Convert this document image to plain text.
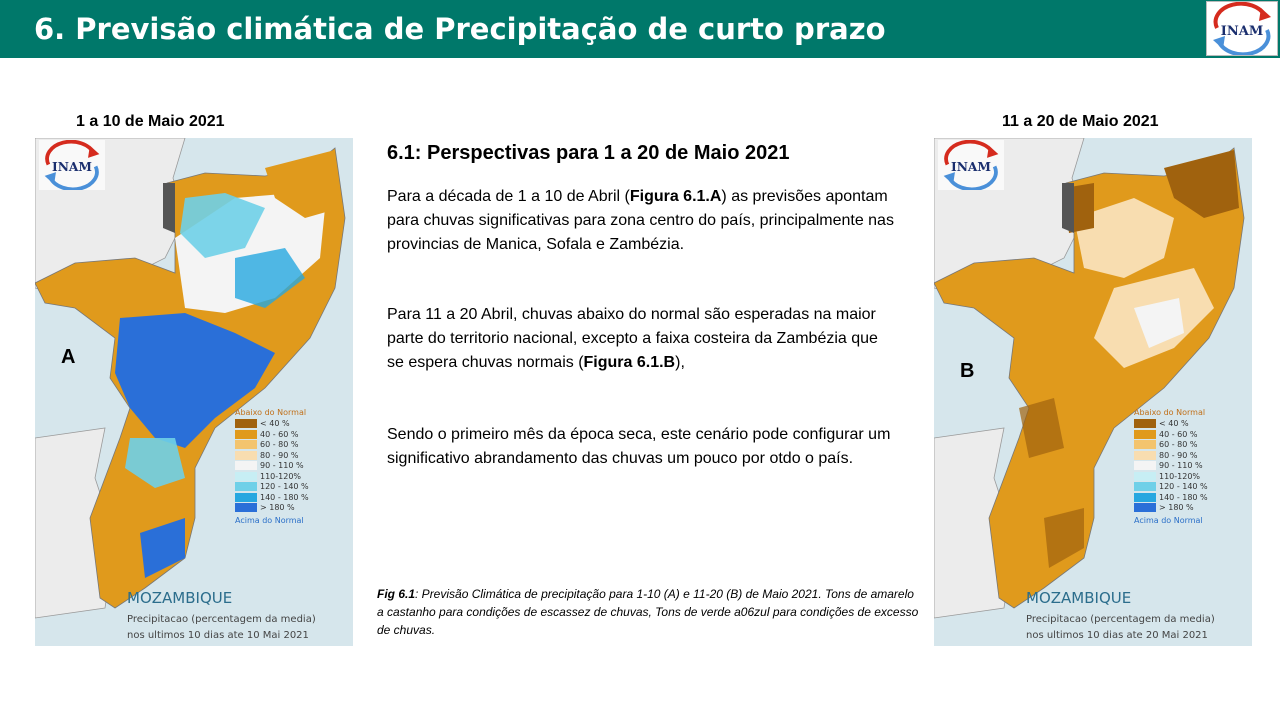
6. Previsão climática de Precipitação de curto prazo	INAM
1 a 10 de Maio 2021
INAM
A
Abaixo do Normal
< 40 %
40 - 60 %
60 - 80 %
80 - 90 %
90 - 110 %
110-120%
120 - 140 %
140 - 180 %
> 180 %
Acima do Normal
MOZAMBIQUE
Precipitacao (percentagem da media)
nos ultimos 10 dias ate 10 Mai 2021
6.1: Perspectivas para 1 a 20 de Maio 2021

Para a década de 1 a 10 de Abril (Figura 6.1.A) as previsões apontam para chuvas significativas para zona centro do país, principalmente nas provincias de Manica, Sofala e Zambézia.

Para 11 a 20 Abril, chuvas abaixo do normal são esperadas na maior parte do territorio nacional, excepto a faixa costeira da Zambézia que se espera chuvas normais (Figura 6.1.B),

Sendo o primeiro mês da época seca, este cenário pode configurar um significativo abrandamento das chuvas um pouco por otdo o país.

Fig 6.1: Previsão Climática de precipitação para 1-10 (A) e 11-20 (B) de Maio 2021. Tons de amarelo a castanho para condições de escassez de chuvas, Tons de verde a06zul para condições de excesso de chuvas.

11 a 20 de Maio 2021
INAM
B
Abaixo do Normal
< 40 %
40 - 60 %
60 - 80 %
80 - 90 %
90 - 110 %
110-120%
120 - 140 %
140 - 180 %
> 180 %
Acima do Normal
MOZAMBIQUE
Precipitacao (percentagem da media)
nos ultimos 10 dias ate 20 Mai 2021
